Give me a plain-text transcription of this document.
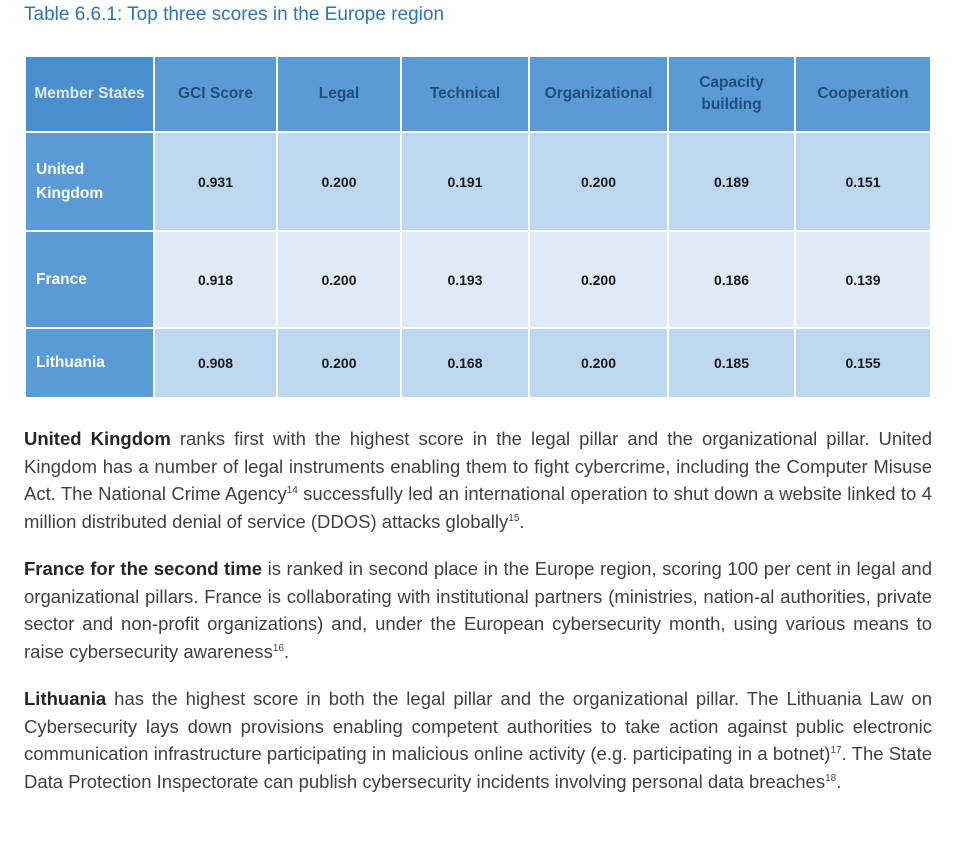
Table 6.6.1: Top three scores in the Europe region
Member States	GCI Score	Legal	Technical	Organizational	Capacity building	Cooperation
United Kingdom	0.931	0.200	0.191	0.200	0.189	0.151
France	0.918	0.200	0.193	0.200	0.186	0.139
Lithuania	0.908	0.200	0.168	0.200	0.185	0.155

United Kingdom ranks first with the highest score in the legal pillar and the organizational pillar. United Kingdom has a number of legal instruments enabling them to fight cybercrime, including the Computer Misuse Act. The National Crime Agency$^{14}$ successfully led an international operation to shut down a website linked to 4 million distributed denial of service (DDOS) attacks globally$^{15}$.

France for the second time is ranked in second place in the Europe region, scoring 100 per cent in legal and organizational pillars. France is collaborating with institutional partners (ministries, nation-al authorities, private sector and non-profit organizations) and, under the European cybersecurity month, using various means to raise cybersecurity awareness$^{16}$.

Lithuania has the highest score in both the legal pillar and the organizational pillar. The Lithuania Law on Cybersecurity lays down provisions enabling competent authorities to take action against public electronic communication infrastructure participating in malicious online activity (e.g. participating in a botnet)$^{17}$. The State Data Protection Inspectorate can publish cybersecurity incidents involving personal data breaches$^{18}$.
